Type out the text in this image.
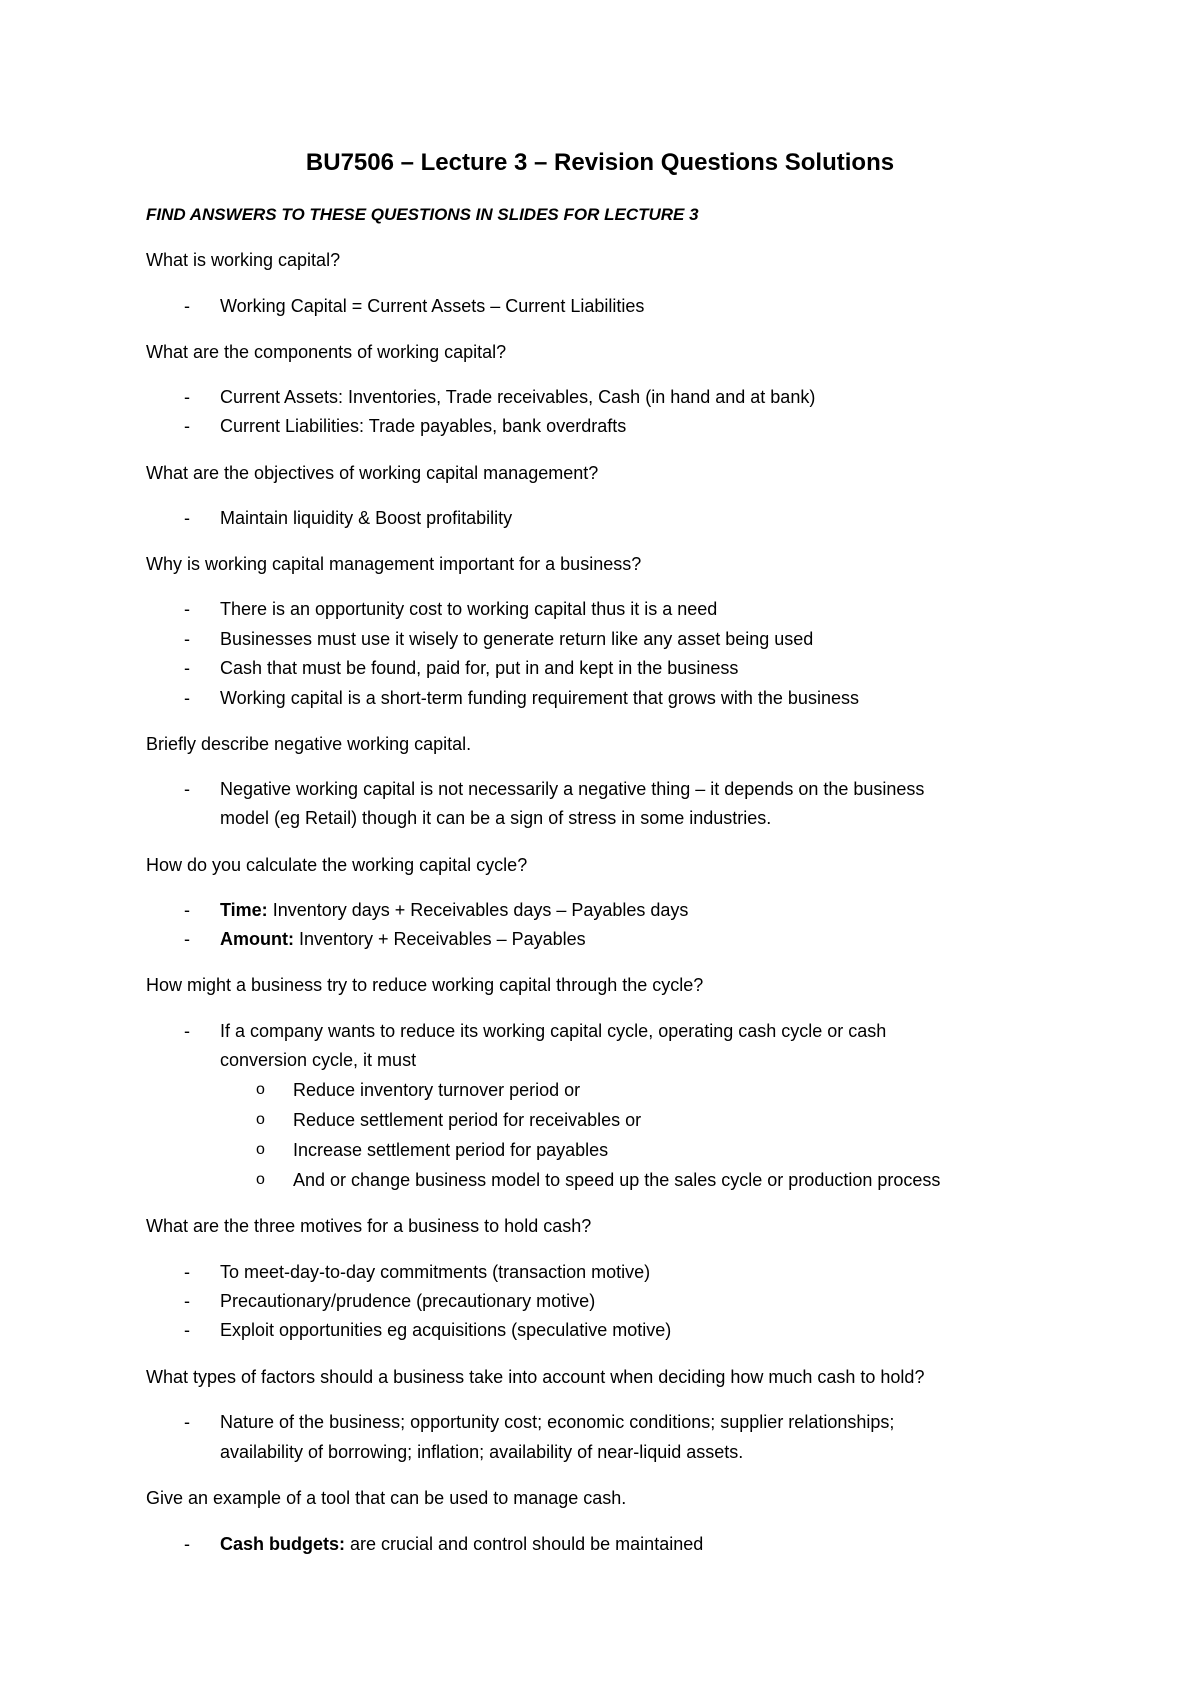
BU7506 – Lecture 3 – Revision Questions Solutions
FIND ANSWERS TO THESE QUESTIONS IN SLIDES FOR LECTURE 3
What is working capital?
- Working Capital = Current Assets – Current Liabilities
What are the components of working capital?
- Current Assets: Inventories, Trade receivables, Cash (in hand and at bank)
- Current Liabilities: Trade payables, bank overdrafts
What are the objectives of working capital management?
- Maintain liquidity & Boost profitability
Why is working capital management important for a business?
- There is an opportunity cost to working capital thus it is a need
- Businesses must use it wisely to generate return like any asset being used
- Cash that must be found, paid for, put in and kept in the business
- Working capital is a short-term funding requirement that grows with the business
Briefly describe negative working capital.
- Negative working capital is not necessarily a negative thing – it depends on the business
model (eg Retail) though it can be a sign of stress in some industries.
How do you calculate the working capital cycle?
- Time: Inventory days + Receivables days – Payables days
- Amount: Inventory + Receivables – Payables
How might a business try to reduce working capital through the cycle?
- If a company wants to reduce its working capital cycle, operating cash cycle or cash
conversion cycle, it must
o Reduce inventory turnover period or
o Reduce settlement period for receivables or
o Increase settlement period for payables
o And or change business model to speed up the sales cycle or production process
What are the three motives for a business to hold cash?
- To meet-day-to-day commitments (transaction motive)
- Precautionary/prudence (precautionary motive)
- Exploit opportunities eg acquisitions (speculative motive)
What types of factors should a business take into account when deciding how much cash to hold?
- Nature of the business; opportunity cost; economic conditions; supplier relationships;
availability of borrowing; inflation; availability of near-liquid assets.
Give an example of a tool that can be used to manage cash.
- Cash budgets: are crucial and control should be maintained
